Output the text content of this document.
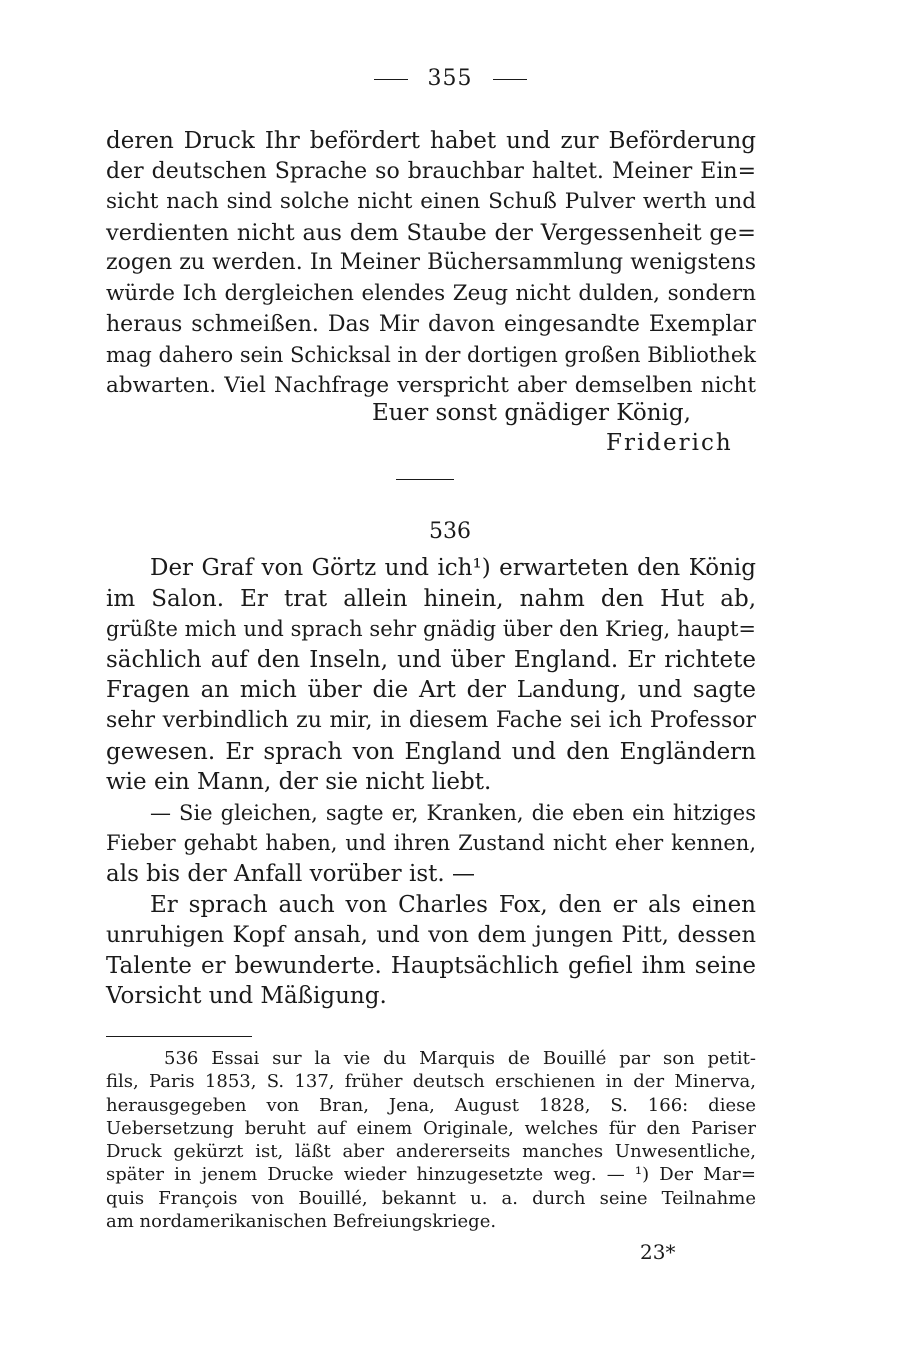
355
deren Druck Ihr befördert habet und zur Beförderung
der deutschen Sprache so brauchbar haltet. Meiner Ein=
sicht nach sind solche nicht einen Schuß Pulver werth und
verdienten nicht aus dem Staube der Vergessenheit ge=
zogen zu werden. In Meiner Büchersammlung wenigstens
würde Ich dergleichen elendes Zeug nicht dulden, sondern
heraus schmeißen. Das Mir davon eingesandte Exemplar
mag dahero sein Schicksal in der dortigen großen Bibliothek
abwarten. Viel Nachfrage verspricht aber demselben nicht
Euer sonst gnädiger König,
Friderich
536
Der Graf von Görtz und ich¹) erwarteten den König
im Salon. Er trat allein hinein, nahm den Hut ab,
grüßte mich und sprach sehr gnädig über den Krieg, haupt=
sächlich auf den Inseln, und über England. Er richtete
Fragen an mich über die Art der Landung, und sagte
sehr verbindlich zu mir, in diesem Fache sei ich Professor
gewesen. Er sprach von England und den Engländern
wie ein Mann, der sie nicht liebt.
— Sie gleichen, sagte er, Kranken, die eben ein hitziges
Fieber gehabt haben, und ihren Zustand nicht eher kennen,
als bis der Anfall vorüber ist. —
Er sprach auch von Charles Fox, den er als einen
unruhigen Kopf ansah, und von dem jungen Pitt, dessen
Talente er bewunderte. Hauptsächlich gefiel ihm seine
Vorsicht und Mäßigung.
536 Essai sur la vie du Marquis de Bouillé par son petit-
fils, Paris 1853, S. 137, früher deutsch erschienen in der Minerva,
herausgegeben von Bran, Jena, August 1828, S. 166: diese
Uebersetzung beruht auf einem Originale, welches für den Pariser
Druck gekürzt ist, läßt aber andererseits manches Unwesentliche,
später in jenem Drucke wieder hinzugesetzte weg. — ¹) Der Mar=
quis François von Bouillé, bekannt u. a. durch seine Teilnahme
am nordamerikanischen Befreiungskriege.
23*
